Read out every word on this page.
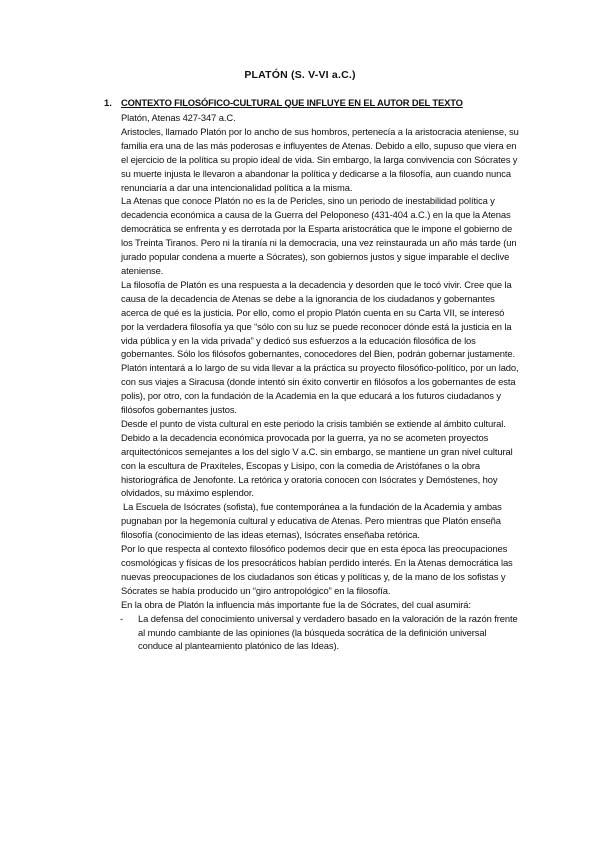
PLATÓN (S. V-VI a.C.)
1. CONTEXTO FILOSÓFICO-CULTURAL QUE INFLUYE EN EL AUTOR DEL TEXTO

Platón, Atenas 427-347 a.C.

Aristocles, llamado Platón por lo ancho de sus hombros, pertenecía a la aristocracia ateniense, su familia era una de las más poderosas e influyentes de Atenas. Debido a ello, supuso que viera en el ejercicio de la política su propio ideal de vida. Sin embargo, la larga convivencia con Sócrates y su muerte injusta le llevaron a abandonar la política y dedicarse a la filosofía, aun cuando nunca renunciaría a dar una intencionalidad política a la misma.

La Atenas que conoce Platón no es la de Pericles, sino un periodo de inestabilidad política y decadencia económica a causa de la Guerra del Peloponeso (431-404 a.C.) en la que la Atenas democrática se enfrenta y es derrotada por la Esparta aristocrática que le impone el gobierno de los Treinta Tiranos. Pero ni la tiranía ni la democracia, una vez reinstaurada un año más tarde (un jurado popular condena a muerte a Sócrates), son gobiernos justos y sigue imparable el declive ateniense.

La filosofía de Platón es una respuesta a la decadencia y desorden que le tocó vivir. Cree que la causa de la decadencia de Atenas se debe a la ignorancia de los ciudadanos y gobernantes acerca de qué es la justicia. Por ello, como el propio Platón cuenta en su Carta VII, se interesó por la verdadera filosofía ya que “sólo con su luz se puede reconocer dónde está la justicia en la vida pública y en la vida privada” y dedicó sus esfuerzos a la educación filosófica de los gobernantes. Sólo los filósofos gobernantes, conocedores del Bien, podrán gobernar justamente.

Platón intentará a lo largo de su vida llevar a la práctica su proyecto filosófico-político, por un lado, con sus viajes a Siracusa (donde intentó sin éxito convertir en filósofos a los gobernantes de esta polis), por otro, con la fundación de la Academia en la que educará a los futuros ciudadanos y filósofos gobernantes justos.

Desde el punto de vista cultural en este periodo la crisis también se extiende al ámbito cultural. Debido a la decadencia económica provocada por la guerra, ya no se acometen proyectos arquitectónicos semejantes a los del siglo V a.C. sin embargo, se mantiene un gran nivel cultural con la escultura de Praxíteles, Escopas y Lisipo, con la comedia de Aristófanes o la obra historiográfica de Jenofonte. La retórica y oratoria conocen con Isócrates y Demóstenes, hoy olvidados, su máximo esplendor.

La Escuela de Isócrates (sofista), fue contemporánea a la fundación de la Academia y ambas pugnaban por la hegemonía cultural y educativa de Atenas. Pero mientras que Platón enseña filosofía (conocimiento de las ideas eternas), Isócrates enseñaba retórica.

Por lo que respecta al contexto filosófico podemos decir que en esta época las preocupaciones cosmológicas y físicas de los presocráticos habían perdido interés. En la Atenas democrática las nuevas preocupaciones de los ciudadanos son éticas y políticas y, de la mano de los sofistas y Sócrates se había producido un “giro antropológico” en la filosofía.

En la obra de Platón la influencia más importante fue la de Sócrates, del cual asumirá:

- La defensa del conocimiento universal y verdadero basado en la valoración de la razón frente al mundo cambiante de las opiniones (la búsqueda socrática de la definición universal conduce al planteamiento platónico de las Ideas).
